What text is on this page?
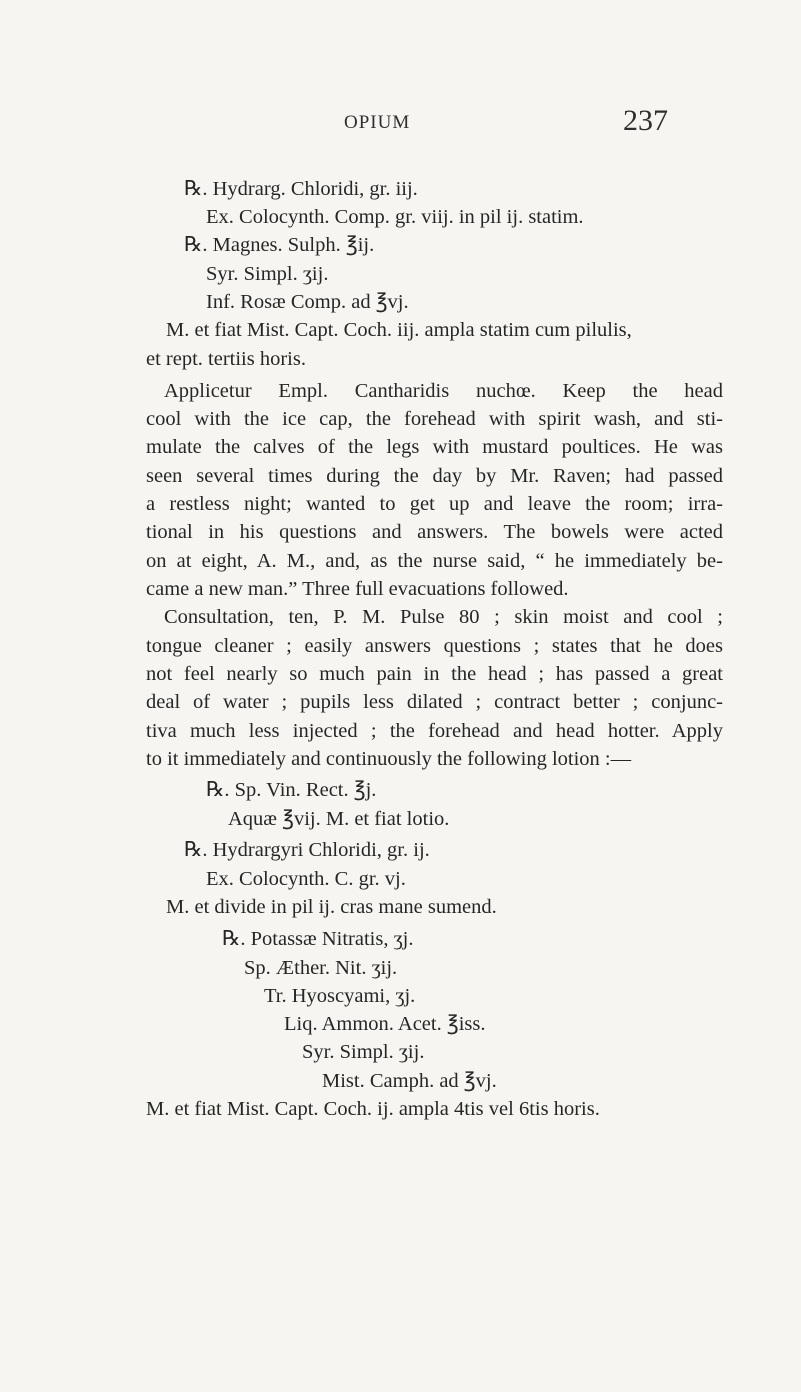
OPIUM	237
℞. Hydrarg. Chloridi, gr. iij.
Ex. Colocynth. Comp. gr. viij. in pil ij. statim.
℞. Magnes. Sulph. ℥ij.
Syr. Simpl. ʒij.
Inf. Rosæ Comp. ad ℥vj.
M. et fiat Mist. Capt. Coch. iij. ampla statim cum pilulis,
et rept. tertiis horis.
Applicetur Empl. Cantharidis nuchœ. Keep the head
cool with the ice cap, the forehead with spirit wash, and sti-
mulate the calves of the legs with mustard poultices. He was
seen several times during the day by Mr. Raven; had passed
a restless night; wanted to get up and leave the room; irra-
tional in his questions and answers. The bowels were acted
on at eight, A. M., and, as the nurse said, “ he immediately be-
came a new man.” Three full evacuations followed.
Consultation, ten, P. M. Pulse 80 ; skin moist and cool ;
tongue cleaner ; easily answers questions ; states that he does
not feel nearly so much pain in the head ; has passed a great
deal of water ; pupils less dilated ; contract better ; conjunc-
tiva much less injected ; the forehead and head hotter. Apply
to it immediately and continuously the following lotion :—
℞. Sp. Vin. Rect. ℥j.
Aquæ ℥vij. M. et fiat lotio.
℞. Hydrargyri Chloridi, gr. ij.
Ex. Colocynth. C. gr. vj.
M. et divide in pil ij. cras mane sumend.
℞. Potassæ Nitratis, ʒj.
Sp. Æther. Nit. ʒij.
Tr. Hyoscyami, ʒj.
Liq. Ammon. Acet. ℥iss.
Syr. Simpl. ʒij.
Mist. Camph. ad ℥vj.
M. et fiat Mist. Capt. Coch. ij. ampla 4tis vel 6tis horis.
